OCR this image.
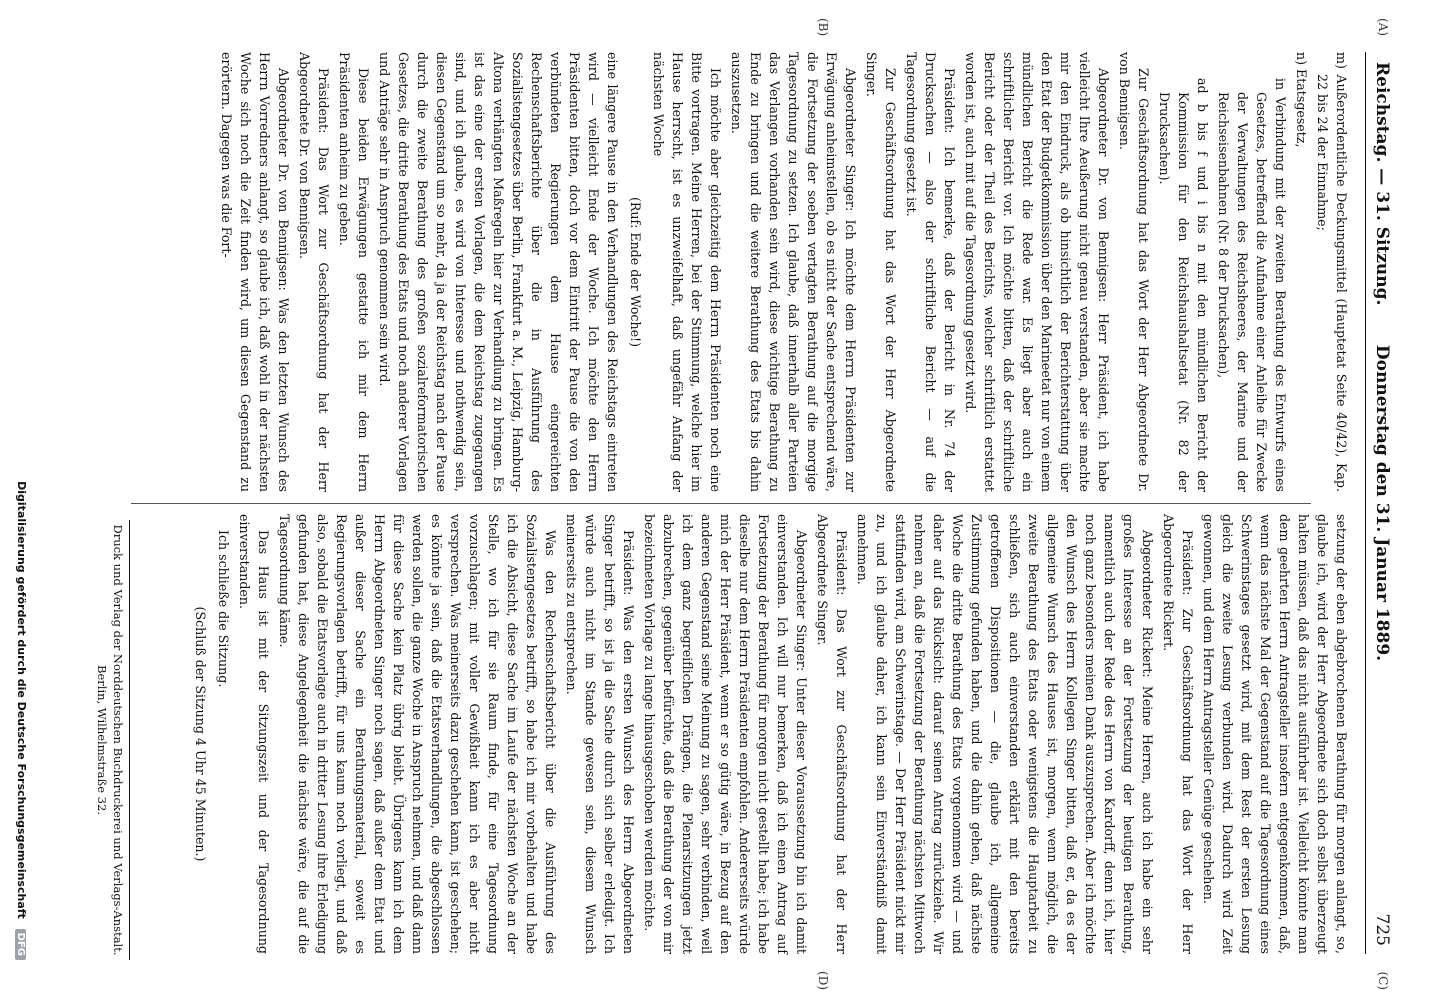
Reichstag. — 31. Sitzung.
Donnerstag den 31. Januar 1889.
725
(A)
(B)
(C)
(D)

m) Außerordentliche Deckungsmittel (Hauptetat Seite 40/42), Kap. 22 bis 24 der Einnahme;

n) Etatsgesetz,

in Verbindung mit der zweiten Berathung des Entwurfs eines Gesetzes, betreffend die Aufnahme einer Anleihe für Zwecke der Verwaltungen des Reichsheeres, der Marine und der Reichseisenbahnen (Nr. 8 der Drucksachen),

ad b bis f und i bis n mit den mündlichen Bericht der Kommission für den Reichshaushaltsetat (Nr. 82 der Drucksachen).

Zur Geschäftsordnung hat das Wort der Herr Abgeordnete Dr. von Bennigsen.

Abgeordneter Dr. von Bennigsen: Herr Präsident, ich habe vielleicht Ihre Aeußerung nicht genau verstanden, aber sie machte mir den Eindruck, als ob hinsichtlich der Berichterstattung über den Etat der Budgetkommission über den Marineetat nur von einem mündlichen Bericht die Rede war. Es liegt aber auch ein schriftlicher Bericht vor. Ich möchte bitten, daß der schriftliche Bericht oder der Theil des Berichts, welcher schriftlich erstattet worden ist, auch mit auf die Tagesordnung gesetzt wird.

Präsident: Ich bemerke, daß der Bericht in Nr. 74 der Drucksachen — also der schriftliche Bericht — auf die Tagesordnung gesetzt ist.

Zur Geschäftsordnung hat das Wort der Herr Abgeordnete Singer.

Abgeordneter Singer: Ich möchte dem Herrn Präsidenten zur Erwägung anheimstellen, ob es nicht der Sache entsprechend wäre, die Fortsetzung der soeben vertagten Berathung auf die morgige Tagesordnung zu setzen. Ich glaube, daß innerhalb aller Parteien das Verlangen vorhanden sein wird, diese wichtige Berathung zu Ende zu bringen und die weitere Berathung des Etats bis dahin auszusetzen.

Ich möchte aber gleichzeitig dem Herrn Präsidenten noch eine Bitte vortragen. Meine Herren, bei der Stimmung, welche hier im Hause herrscht, ist es unzweifelhaft, daß ungefähr Anfang der nächsten Woche

(Ruf: Ende der Woche!)

eine längere Pause in den Verhandlungen des Reichstags eintreten wird — vielleicht Ende der Woche. Ich möchte den Herrn Präsidenten bitten, doch vor dem Eintritt der Pause die von den verbündeten Regierungen dem Hause eingereichten Rechenschaftsberichte über die in Ausführung des Sozialistengesetzes über Berlin, Frankfurt a. M., Leipzig, Hamburg-Altona verhängten Maßregeln hier zur Verhandlung zu bringen. Es ist das eine der ersten Vorlagen, die dem Reichstag zugegangen sind, und ich glaube, es wird von Interesse und nothwendig sein, diesen Gegenstand um so mehr, da ja der Reichstag nach der Pause durch die zweite Berathung des großen sozialreformatorischen Gesetzes, die dritte Berathung des Etats und noch anderer Vorlagen und Anträge sehr in Anspruch genommen sein wird.

Diese beiden Erwägungen gestatte ich mir dem Herrn Präsidenten anheim zu geben.

Präsident: Das Wort zur Geschäftsordnung hat der Herr Abgeordnete Dr. von Bennigsen.

Abgeordneter Dr. von Bennigsen: Was den letzten Wunsch des Herrn Vorredners anlangt, so glaube ich, daß wohl in der nächsten Woche sich noch die Zeit finden wird, um diesen Gegenstand zu erörtern. Dagegen was die Fort-

setzung der eben abgebrochenen Berathung für morgen anlangt, so, glaube ich, wird der Herr Abgeordnete sich doch selbst überzeugt halten müssen, daß das nicht ausführbar ist. Vielleicht könnte man dem geehrten Herrn Antragsteller insofern entgegenkommen, daß, wenn das nächste Mal der Gegenstand auf die Tagesordnung eines Schwerinstages gesetzt wird, mit dem Rest der ersten Lesung gleich die zweite Lesung verbunden wird. Dadurch wird Zeit gewonnen, und dem Herrn Antragsteller Genüge geschehen.

Präsident: Zur Geschäftsordnung hat das Wort der Herr Abgeordnete Rickert.

Abgeordneter Rickert: Meine Herren, auch ich habe ein sehr großes Interesse an der Fortsetzung der heutigen Berathung, namentlich auch der Rede des Herrn von Kardorff, denn ich, hier noch ganz besonders meinen Dank auszusprechen. Aber ich möchte den Wunsch des Herrn Kollegen Singer bitten, daß er, da es der allgemeine Wunsch des Hauses ist, morgen, wenn möglich, die zweite Berathung des Etats oder wenigstens die Hauptarbeit zu schließen, sich auch einverstanden erklärt mit den bereits getroffenen Dispositionen — die, glaube ich, allgemeine Zustimmung gefunden haben, und die dahin gehen, daß nächste Woche die dritte Berathung des Etats vorgenommen wird — und daher auf das Rücksicht: darauf seinen Antrag zurückziehe. Wir nehmen an, daß die Fortsetzung der Berathung nächsten Mittwoch stattfinden wird, am Schwerinstage. — Der Herr Präsident nickt mir zu, und ich glaube daher, ich kann sein Einverständniß damit annehmen.

Präsident: Das Wort zur Geschäftsordnung hat der Herr Abgeordnete Singer.

Abgeordneter Singer: Unter dieser Voraussetzung bin ich damit einverstanden. Ich will nur bemerken, daß ich einen Antrag auf Fortsetzung der Berathung für morgen nicht gestellt habe; ich habe dieselbe nur dem Herrn Präsidenten empfohlen. Andererseits würde mich der Herr Präsident, wenn er so gütig wäre, in Bezug auf den anderen Gegenstand seine Meinung zu sagen, sehr verbinden, weil ich dem ganz begreiflichen Drängen, die Plenarsitzungen jetzt abzubrechen, gegenüber befürchte, daß die Berathung der von mir bezeichneten Vorlage zu lange hinausgeschoben werden möchte.

Präsident: Was den ersten Wunsch des Herrn Abgeordneten Singer betrifft, so ist ja die Sache durch sich selber erledigt. Ich würde auch nicht im Stande gewesen sein, diesem Wunsch meinerseits zu entsprechen.

Was den Rechenschaftsbericht über die Ausführung des Sozialistengesetzes betrifft, so habe ich mir vorbehalten und habe ich die Absicht, diese Sache im Laufe der nächsten Woche an der Stelle, wo ich für sie Raum finde, für eine Tagesordnung vorzuschlagen; mit voller Gewißheit kann ich es aber nicht versprechen. Was meinerseits dazu geschehen kann, ist geschehen; es könnte ja sein, daß die Etatsverhandlungen, die abgeschlossen werden sollen, die ganze Woche in Anspruch nehmen, und daß dann für diese Sache kein Platz übrig bleibt. Übrigens kann ich dem Herrn Abgeordneten Singer noch sagen, daß außer dem Etat und außer dieser Sache ein Berathungsmaterial, soweit es Regierungsvorlagen betrifft, für uns kaum noch vorliegt, und daß also, sobald die Etatsvorlage auch in dritter Lesung ihre Erledigung gefunden hat, diese Angelegenheit die nächste wäre, die auf die Tagesordnung käme.

Das Haus ist mit der Sitzungszeit und der Tagesordnung einverstanden.

Ich schließe die Sitzung.

(Schluß der Sitzung 4 Uhr 45 Minuten.)

Druck und Verlag der Norddeutschen Buchdruckerei und Verlags-Anstalt. Berlin, Wilhelmstraße 32.
Digitalisierung gefördert durch die Deutsche Forschungsgemeinschaft DFG
